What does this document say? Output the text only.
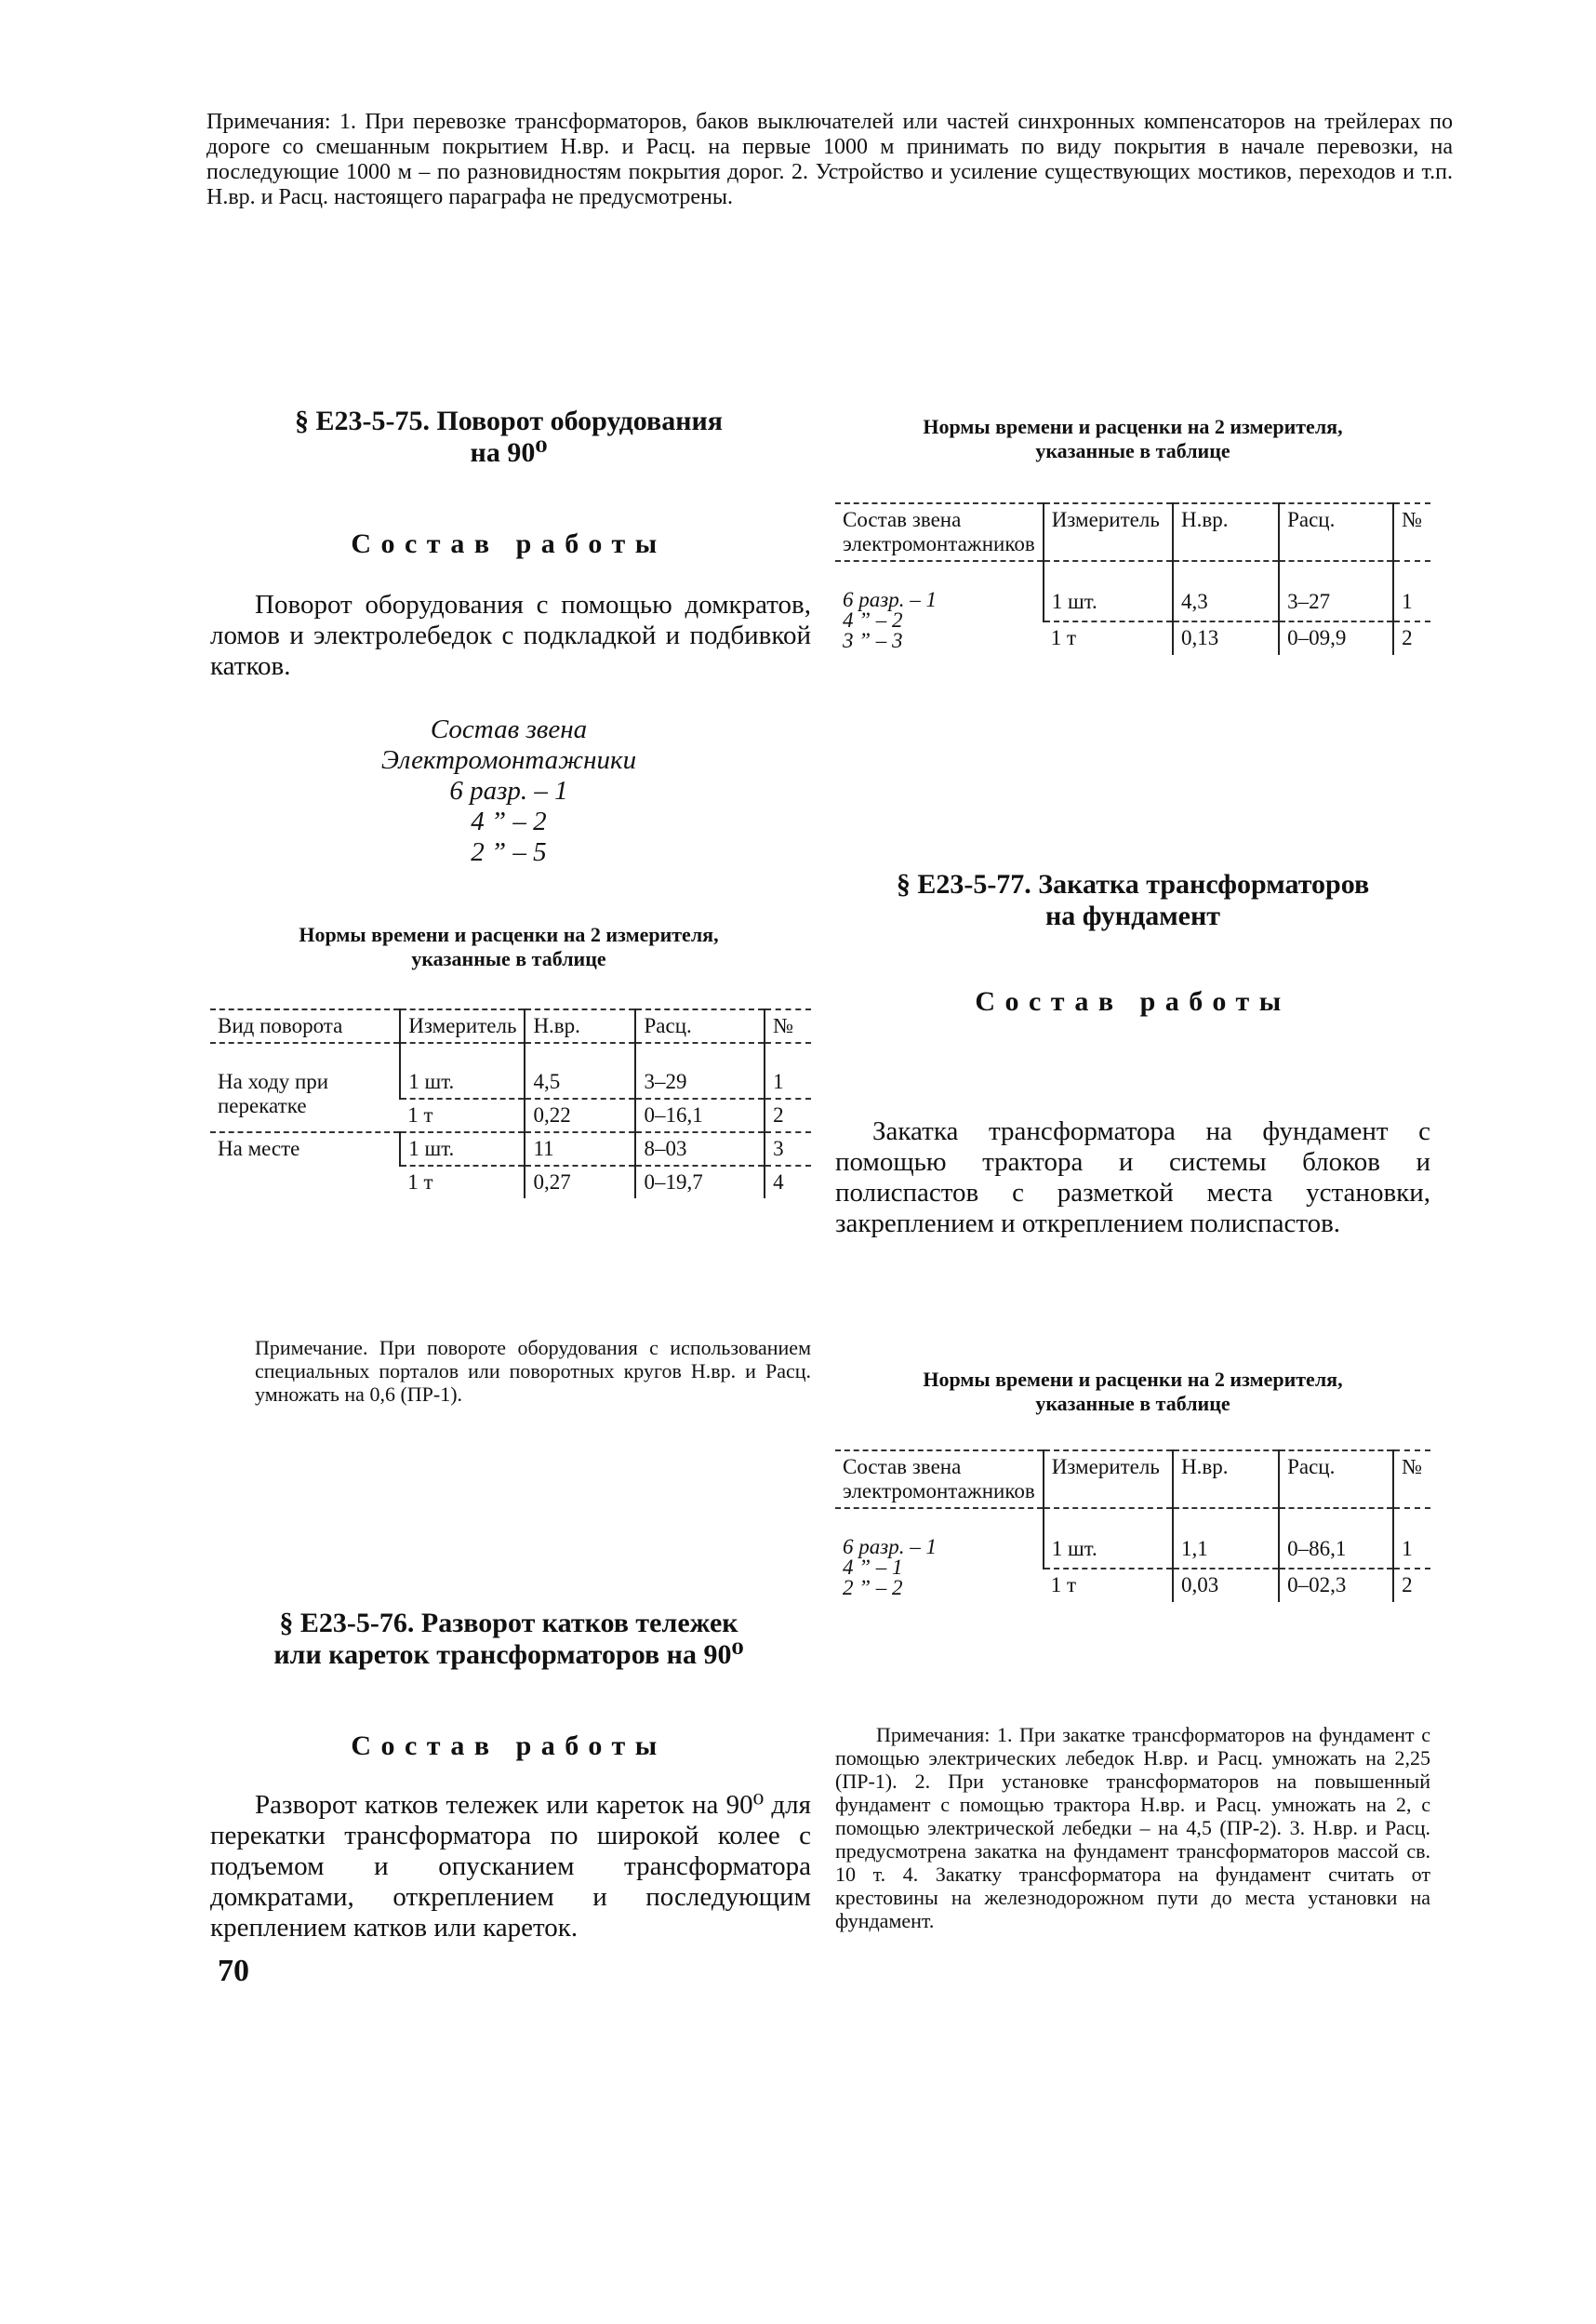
Примечания: 1. При перевозке трансформаторов, баков выключателей или частей синхронных компенсаторов на трейлерах по дороге со смешанным покрытием Н.вр. и Расц. на первые 1000 м принимать по виду покрытия в начале перевозки, на последующие 1000 м – по разновидностям покрытия дорог. 2. Устройство и усиление существующих мостиков, переходов и т.п. Н.вр. и Расц. настоящего параграфа не предусмотрены.
§ Е23-5-75. Поворот оборудования
на 90⁰
Состав работы
Поворот оборудования с помощью домкратов, ломов и электролебедок с подкладкой и подбивкой катков.
Состав звена
Электромонтажники
6 разр. – 1
4 ” – 2
2 ” – 5
Нормы времени и расценки на 2 измерителя,
указанные в таблице
Вид поворота	Измеритель	Н.вр.	Расц.	№
На ходу при перекатке	1 шт.	4,5	3–29	1
	1 т	0,22	0–16,1	2
На месте	1 шт.	11	8–03	3
	1 т	0,27	0–19,7	4
Примечание. При повороте оборудования с использованием специальных порталов или поворотных кругов Н.вр. и Расц. умножать на 0,6 (ПР-1).
§ Е23-5-76. Разворот катков тележек
или кареток трансформаторов на 90⁰
Состав работы
Разворот катков тележек или кареток на 90⁰ для перекатки трансформатора по широкой колее с подъемом и опусканием трансформатора домкратами, откреплением и последующим креплением катков или кареток.
70
Нормы времени и расценки на 2 измерителя,
указанные в таблице
Состав звена электромонтажников	Измеритель	Н.вр.	Расц.	№
6 разр. – 1
4 ” – 2
3 ” – 3	1 шт.	4,3	3–27	1
	1 т	0,13	0–09,9	2
§ Е23-5-77. Закатка трансформаторов
на фундамент
Состав работы
Закатка трансформатора на фундамент с помощью трактора и системы блоков и полиспастов с разметкой места установки, закреплением и откреплением полиспастов.
Нормы времени и расценки на 2 измерителя,
указанные в таблице
Состав звена электромонтажников	Измеритель	Н.вр.	Расц.	№
6 разр. – 1
4 ” – 1
2 ” – 2	1 шт.	1,1	0–86,1	1
	1 т	0,03	0–02,3	2
Примечания: 1. При закатке трансформаторов на фундамент с помощью электрических лебедок Н.вр. и Расц. умножать на 2,25 (ПР-1). 2. При установке трансформаторов на повышенный фундамент с помощью трактора Н.вр. и Расц. умножать на 2, с помощью электрической лебедки – на 4,5 (ПР-2). 3. Н.вр. и Расц. предусмотрена закатка на фундамент трансформаторов массой св. 10 т. 4. Закатку трансформатора на фундамент считать от крестовины на железнодорожном пути до места установки на фундамент.
